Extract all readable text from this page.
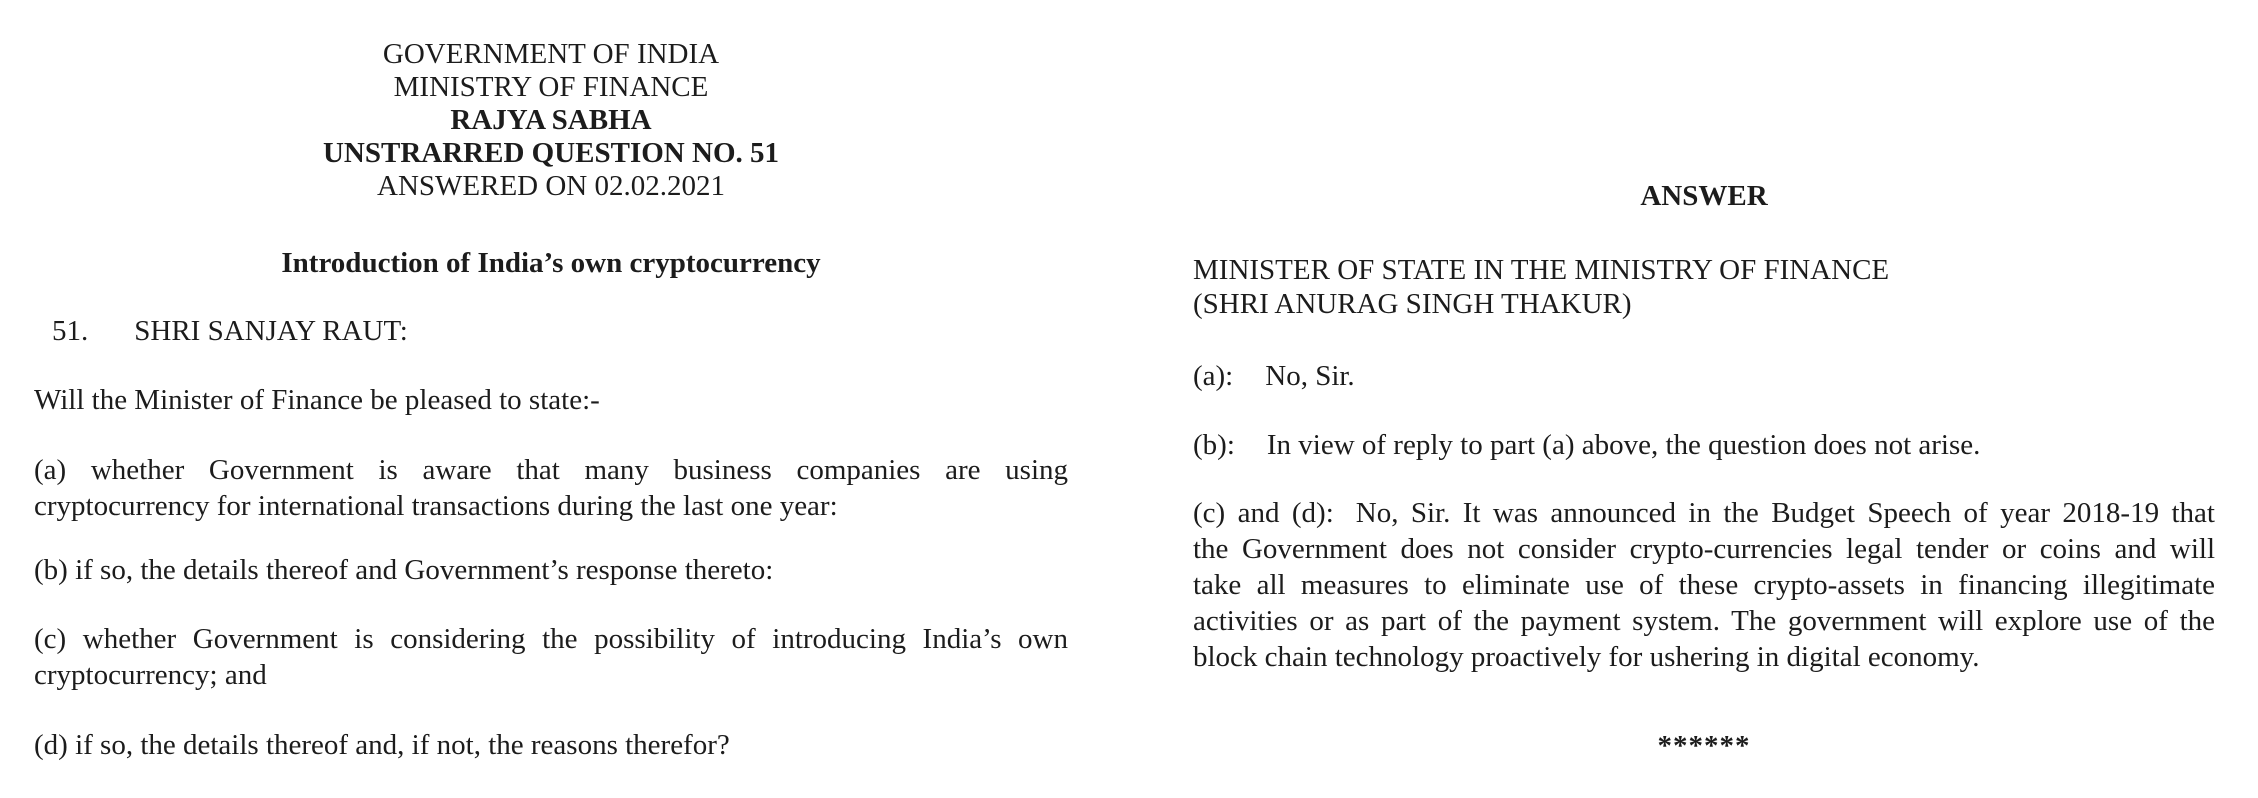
GOVERNMENT OF INDIA
MINISTRY OF FINANCE
RAJYA SABHA
UNSTRARRED QUESTION NO. 51
ANSWERED ON 02.02.2021
Introduction of India’s own cryptocurrency

51. SHRI SANJAY RAUT:

Will the Minister of Finance be pleased to state:-

(a) whether Government is aware that many business companies are using
cryptocurrency for international transactions during the last one year:

(b) if so, the details thereof and Government’s response thereto:

(c) whether Government is considering the possibility of introducing India’s own
cryptocurrency; and

(d) if so, the details thereof and, if not, the reasons therefor?

ANSWER
MINISTER OF STATE IN THE MINISTRY OF FINANCE
(SHRI ANURAG SINGH THAKUR)

(a): No, Sir.

(b): In view of reply to part (a) above, the question does not arise.

(c) and (d): No, Sir. It was announced in the Budget Speech of year 2018-19 that
the Government does not consider crypto-currencies legal tender or coins and will
take all measures to eliminate use of these crypto-assets in financing illegitimate
activities or as part of the payment system. The government will explore use of the
block chain technology proactively for ushering in digital economy.

******
